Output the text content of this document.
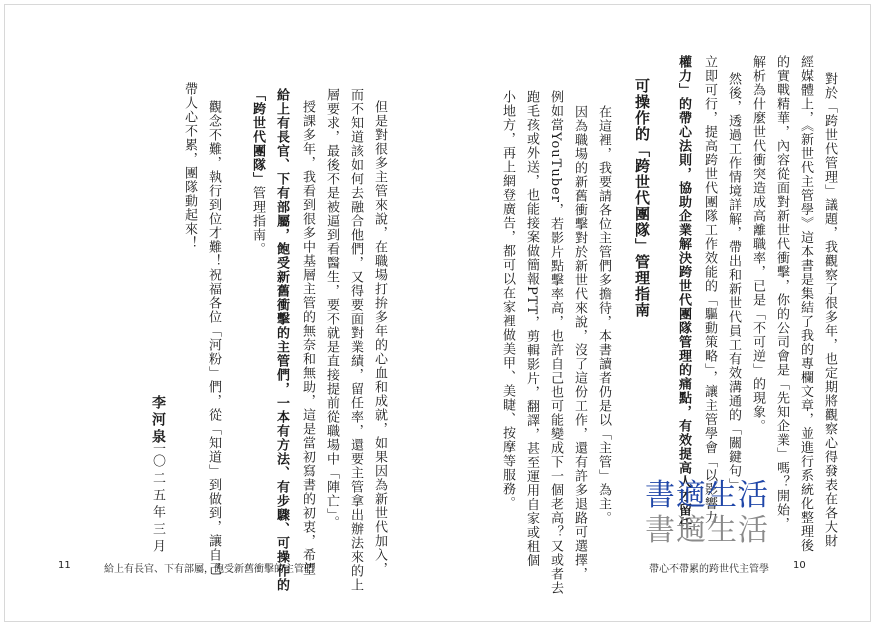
對於「跨世代管理」議題，我觀察了很多年，也定期將觀察心得發表在各大財
經媒體上，《新世代主管學》這本書是集結了我的專欄文章，並進行系統化整理後
的實戰精華，內容從面對新世代衝擊，你的公司會是「先知企業」嗎？開始，
解析為什麼世代衝突造成高離職率，已是「不可逆」的現象。
然後，透過工作情境詳解，帶出和新世代員工有效溝通的「關鍵句」，
立即可行，提高跨世代團隊工作效能的「驅動策略」，讓主管學會「以影響力
權力」的帶心法則，協助企業解決跨世代團隊管理的痛點，有效提高人才留任
可操作的「跨世代團隊」管理指南
在這裡，我要請各位主管們多擔待，本書讀者仍是以「主管」為主。
因為職場的新舊衝擊對於新世代來說，沒了這份工作，還有許多退路可選擇，
例如當YouTuber，若影片點擊率高，也許自己也可能變成下一個老高？又或者去
跑毛孩或外送，也能接案做簡報PTT，剪輯影片，翻譯，甚至運用自家或租個
小地方，再上網登廣告，都可以在家裡做美甲、美睫、按摩等服務。
但是對很多主管來說，在職場打拚多年的心血和成就，如果因為新世代加入，
而不知道該如何去融合他們，又得要面對業績，留任率，還要主管拿出辦法來的上
層要求，最後不是被逼到看醫生，要不就是直接提前從職場中「陣亡」。
授課多年，我看到很多中基層主管的無奈和無助，這是當初寫書的初衷，希望
給上有長官、下有部屬，飽受新舊衝擊的主管們，一本有方法、有步驟、可操作的
「跨世代團隊」管理指南。
觀念不難，執行到位才難！祝福各位「河粉」們，從「知道」到做到，讓自己
帶人心不累，團隊動起來！
李河泉
二〇二五年三月
11	給上有長官、下有部屬，飽受新舊衝擊的主管們	帶心不帶累的跨世代主管學 10
書適生活
書適生活
